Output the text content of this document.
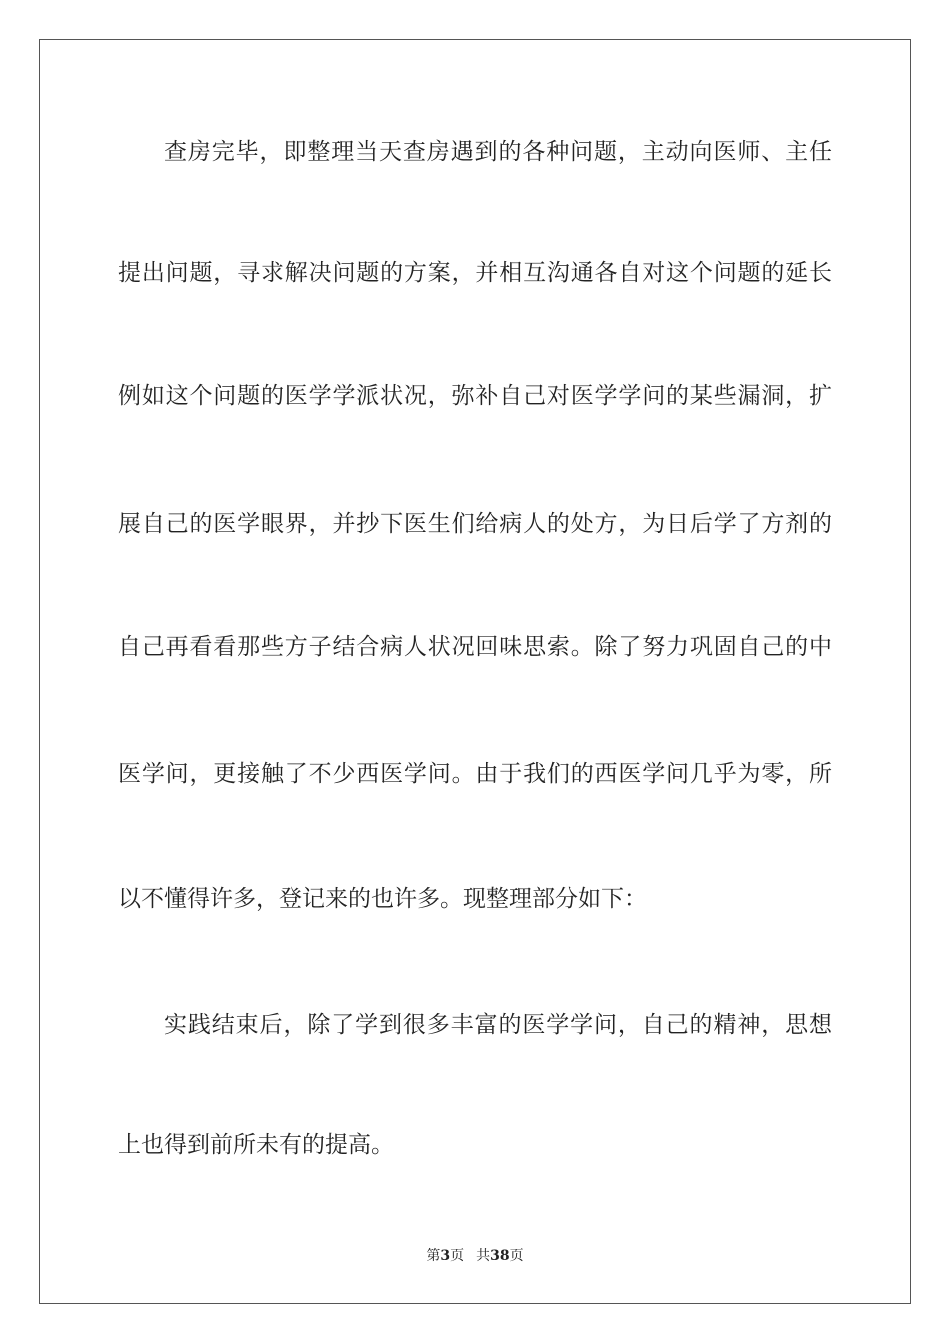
查房完毕，即整理当天查房遇到的各种问题，主动向医师、主任
提出问题，寻求解决问题的方案，并相互沟通各自对这个问题的延长
例如这个问题的医学学派状况，弥补自己对医学学问的某些漏洞，扩
展自己的医学眼界，并抄下医生们给病人的处方，为日后学了方剂的
自己再看看那些方子结合病人状况回味思索。除了努力巩固自己的中
医学问，更接触了不少西医学问。由于我们的西医学问几乎为零，所
以不懂得许多，登记来的也许多。现整理部分如下：
实践结束后，除了学到很多丰富的医学学问，自己的精神，思想
上也得到前所未有的提高。
第3页 共38页
